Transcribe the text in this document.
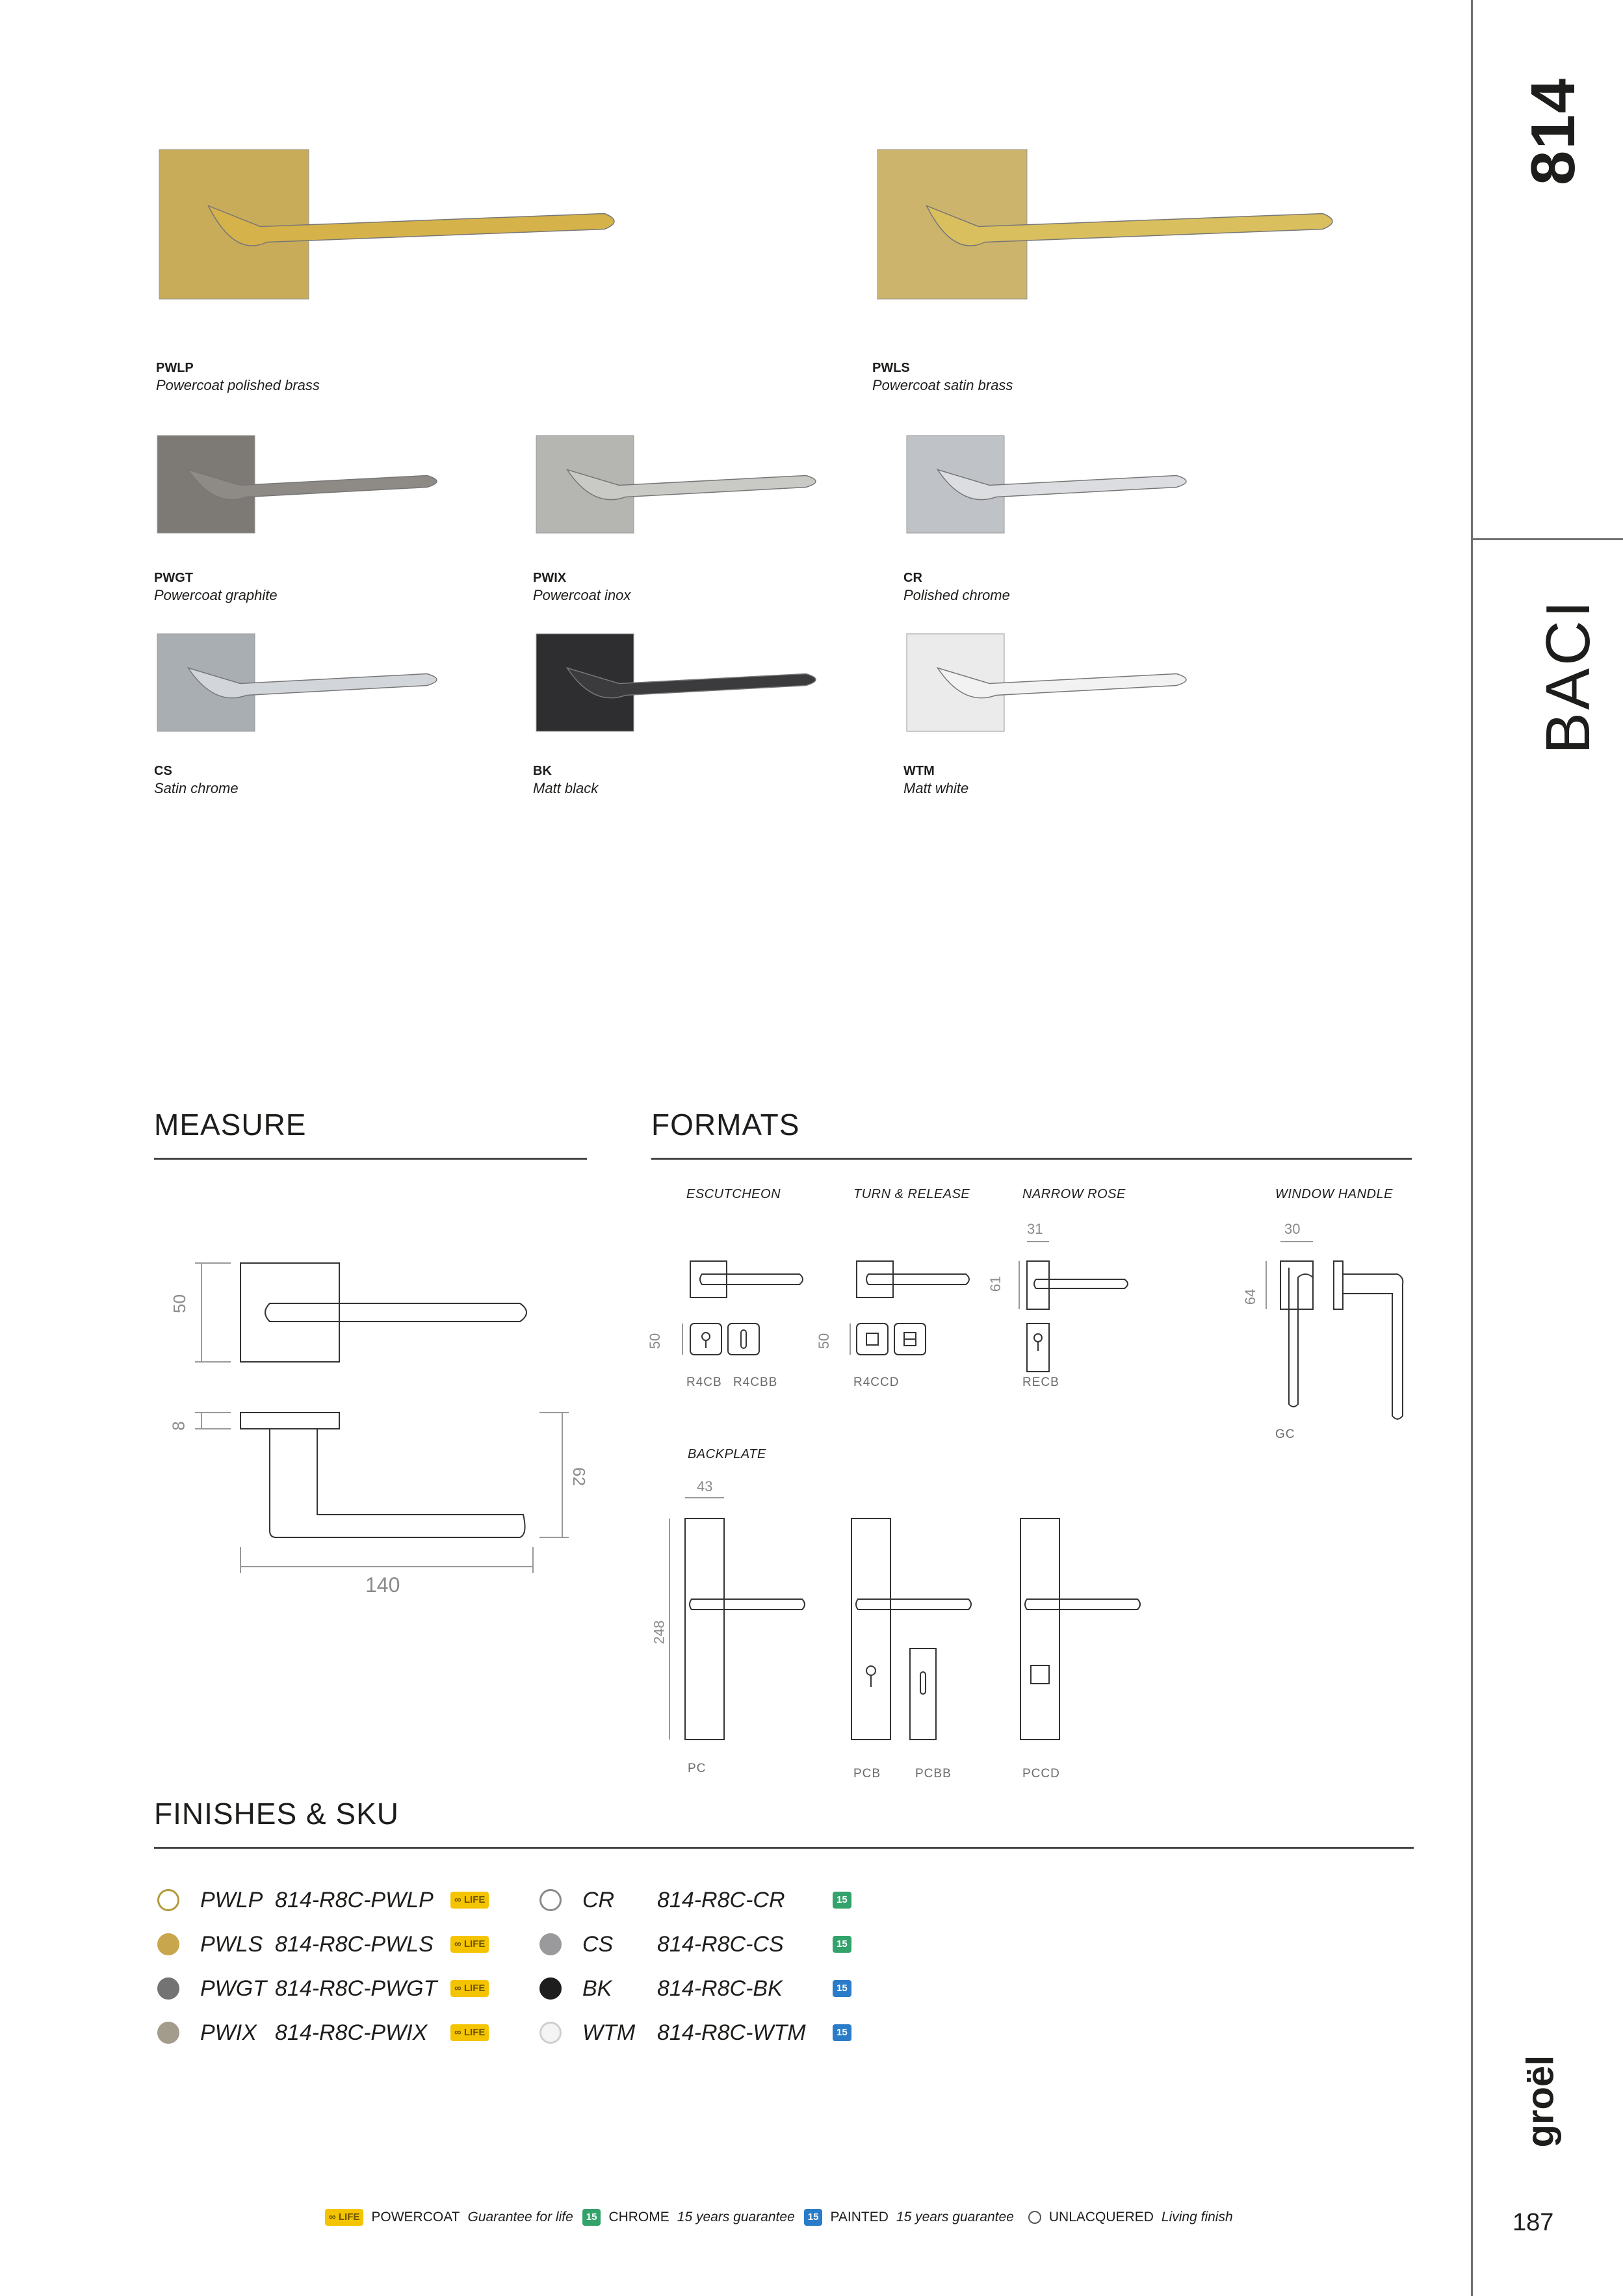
814
BACI
groël
187
PWLP
Powercoat polished brass
PWLS
Powercoat satin brass
PWGT
Powercoat graphite
PWIX
Powercoat inox
CR
Polished chrome
CS
Satin chrome
BK
Matt black
WTM
Matt white
MEASURE
50
8
62
140
FORMATS
ESCUTCHEON	TURN & RELEASE	NARROW ROSE	WINDOW HANDLE
BACKPLATE
R4CB R4CBB	R4CCD	RECB
GC
PC	PCB	PCBB	PCCD
50	50
31
61
30
64
43
248
FINISHES & SKU
PWLP 814-R8C-PWLP	∞ LIFE
PWLS 814-R8C-PWLS	∞ LIFE
PWGT 814-R8C-PWGT	∞ LIFE
PWIX 814-R8C-PWIX	∞ LIFE
CR	814-R8C-CR	15
CS	814-R8C-CS	15
BK	814-R8C-BK	15
WTM 814-R8C-WTM	15
∞ LIFE POWERCOAT Guarantee for life	15 CHROME 15 years guarantee	15 PAINTED 15 years guarantee	UNLACQUERED Living finish
